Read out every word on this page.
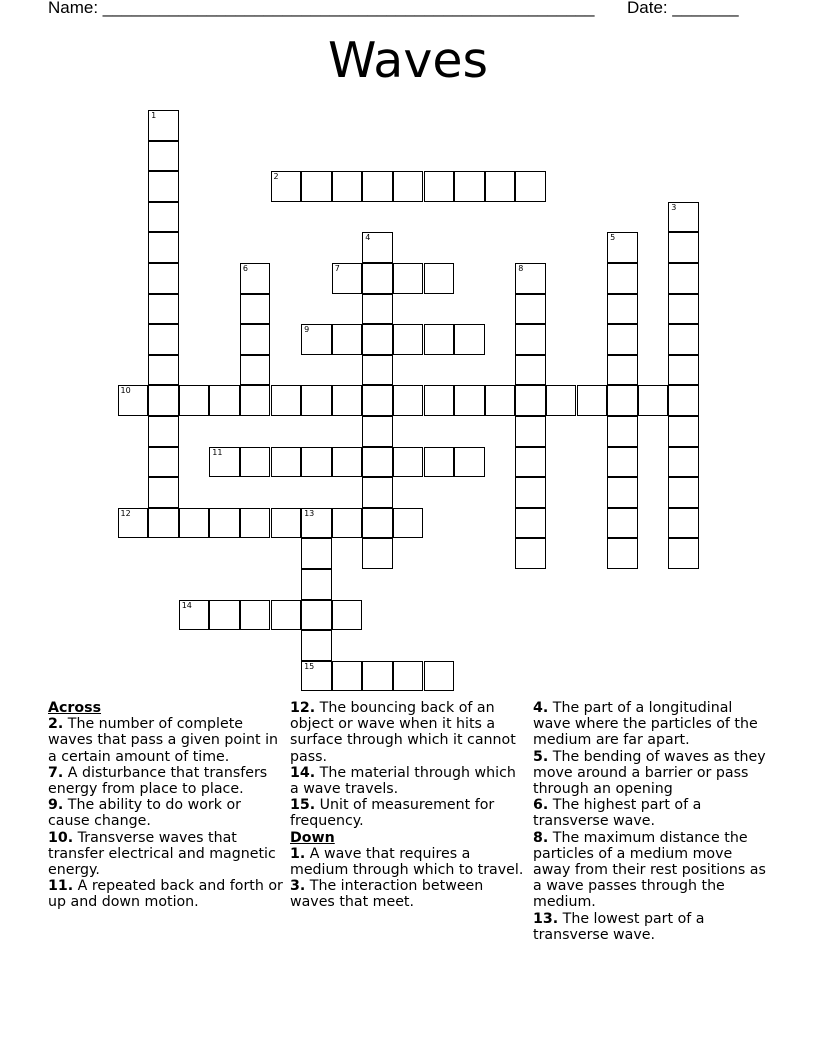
Name: ____________________________________________________ Date: _______
Waves
1
2
3
4	5
6	7	8
9
10
11
12	13
15
14
Across
2. The number of complete waves that pass a given point in a certain amount of time.
7. A disturbance that transfers energy from place to place.
9. The ability to do work or cause change.
10. Transverse waves that transfer electrical and magnetic energy.
11. A repeated back and forth or up and down motion.
12. The bouncing back of an object or wave when it hits a surface through which it cannot pass.
14. The material through which a wave travels.
15. Unit of measurement for frequency.
Down
1. A wave that requires a medium through which to travel.
3. The interaction between waves that meet.
4. The part of a longitudinal wave where the particles of the medium are far apart.
5. The bending of waves as they move around a barrier or pass through an opening
6. The highest part of a transverse wave.
8. The maximum distance the particles of a medium move away from their rest positions as a wave passes through the medium.
13. The lowest part of a transverse wave.
